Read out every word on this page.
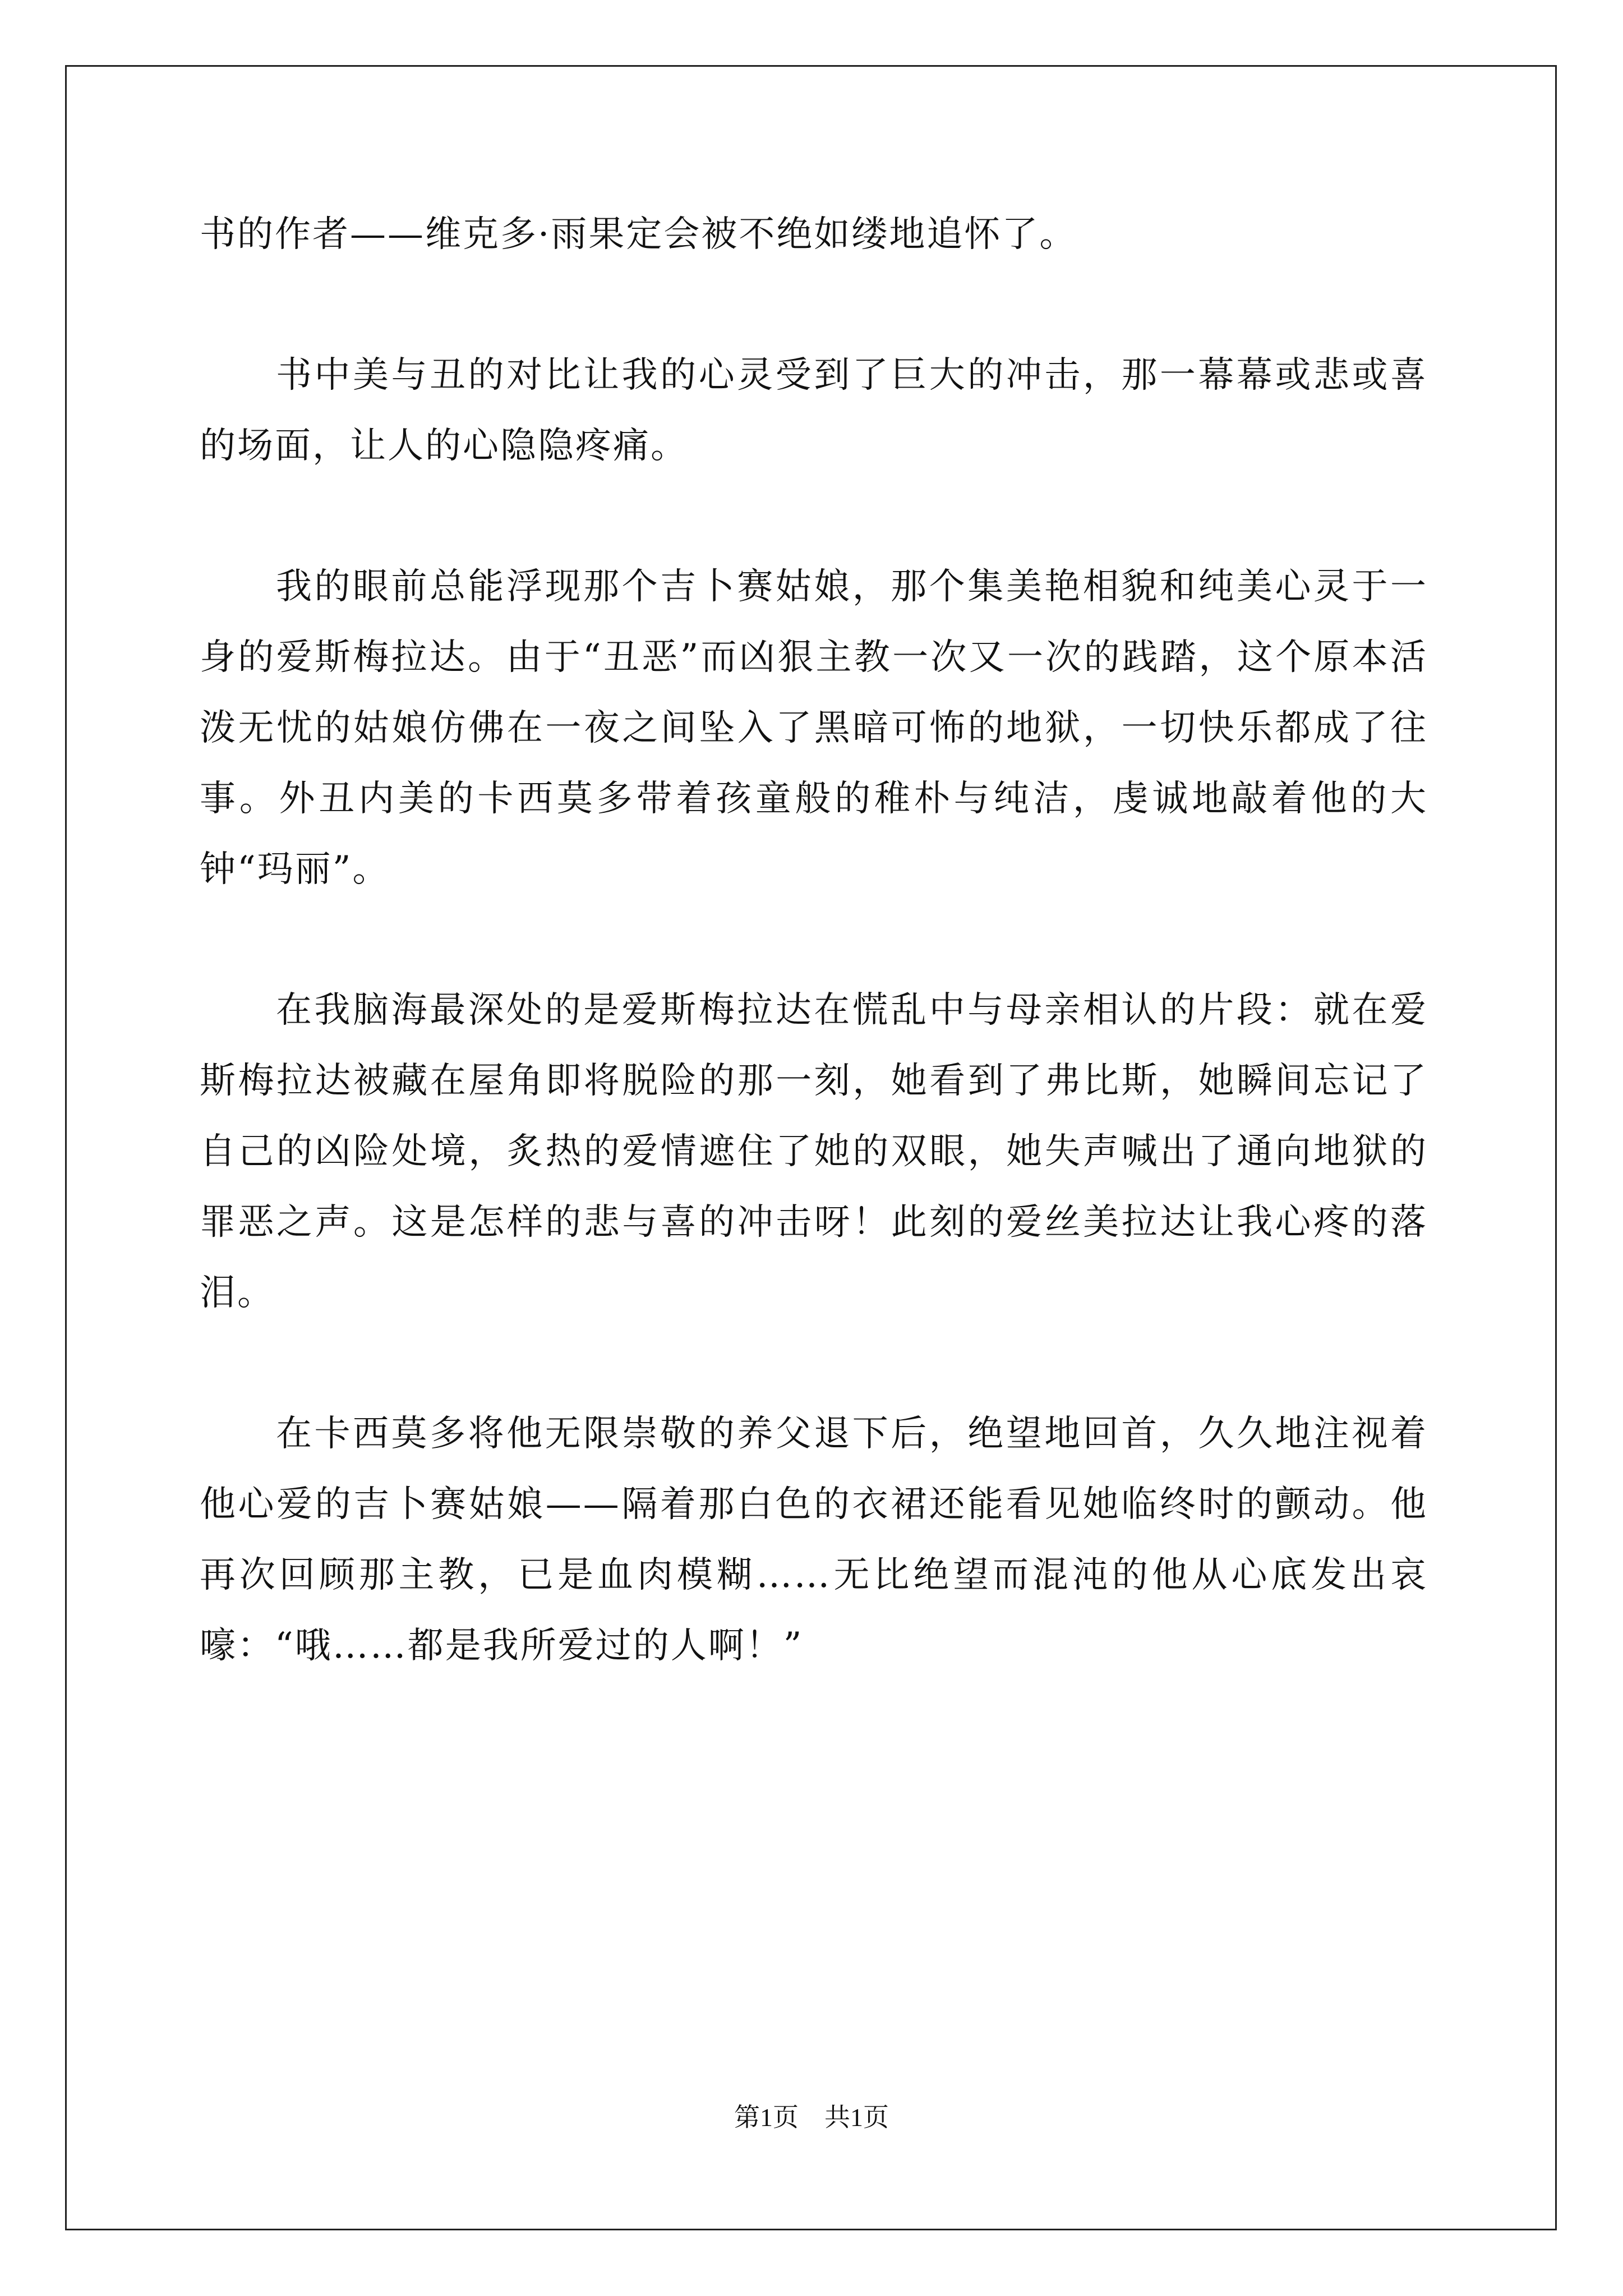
书的作者——维克多·雨果定会被不绝如缕地追怀了。

书中美与丑的对比让我的心灵受到了巨大的冲击，那一幕幕或悲或喜的场面，让人的心隐隐疼痛。

我的眼前总能浮现那个吉卜赛姑娘，那个集美艳相貌和纯美心灵于一身的爱斯梅拉达。由于“丑恶”而凶狠主教一次又一次的践踏，这个原本活泼无忧的姑娘仿佛在一夜之间坠入了黑暗可怖的地狱，一切快乐都成了往事。外丑内美的卡西莫多带着孩童般的稚朴与纯洁，虔诚地敲着他的大钟“玛丽”。

在我脑海最深处的是爱斯梅拉达在慌乱中与母亲相认的片段：就在爱斯梅拉达被藏在屋角即将脱险的那一刻，她看到了弗比斯，她瞬间忘记了自己的凶险处境，炙热的爱情遮住了她的双眼，她失声喊出了通向地狱的罪恶之声。这是怎样的悲与喜的冲击呀！此刻的爱丝美拉达让我心疼的落泪。

在卡西莫多将他无限崇敬的养父退下后，绝望地回首，久久地注视着他心爱的吉卜赛姑娘——隔着那白色的衣裙还能看见她临终时的颤动。他再次回顾那主教，已是血肉模糊……无比绝望而混沌的他从心底发出哀嚎：“哦……都是我所爱过的人啊！”

第1页 共1页
